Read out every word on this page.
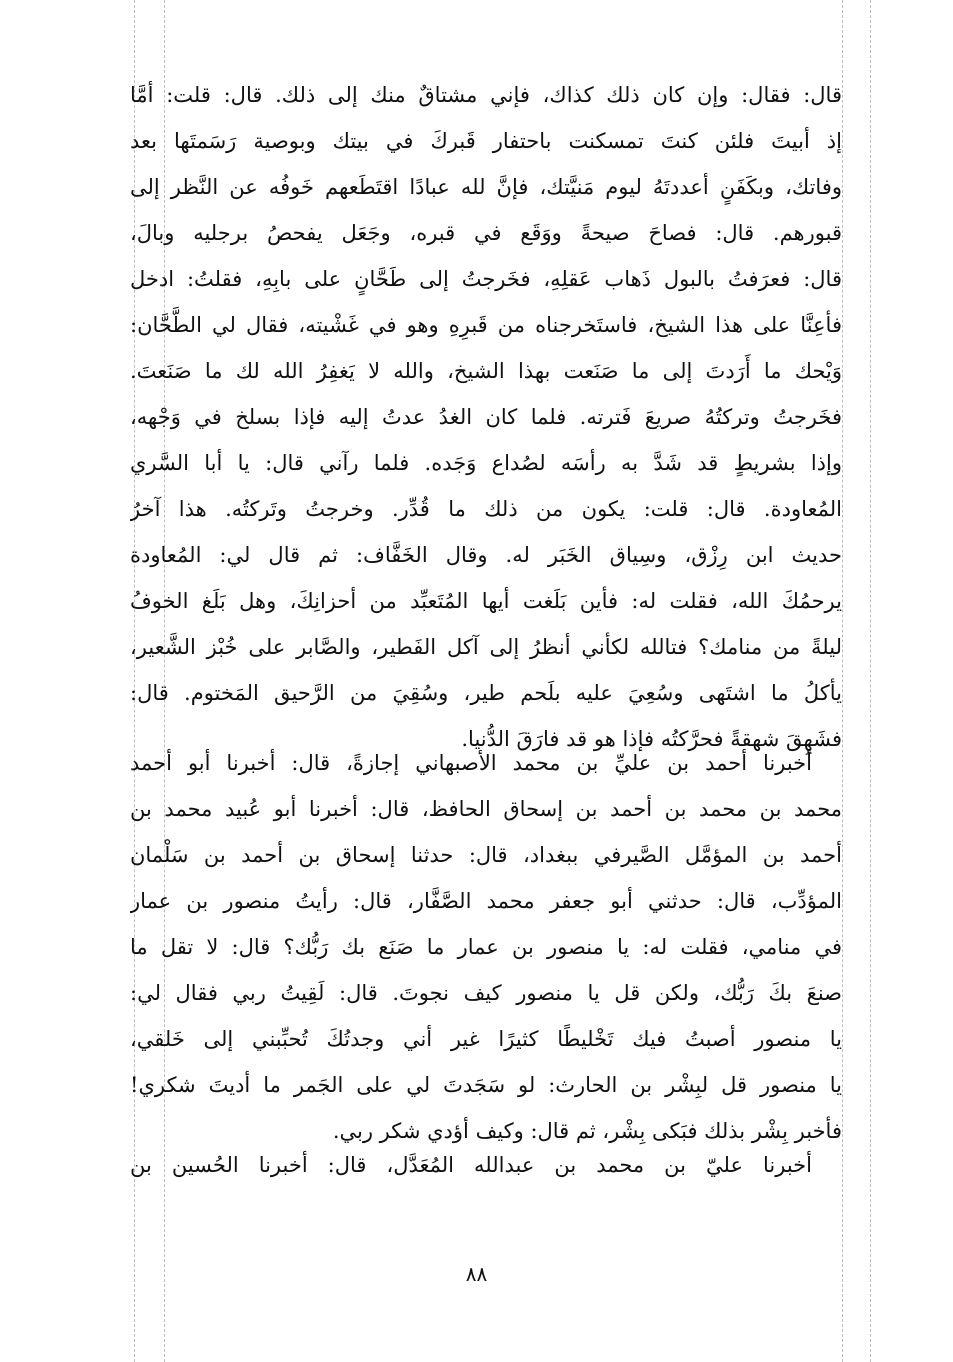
قال: فقال: وإن كان ذلك كذاك، فإني مشتاقٌ منك إلى ذلك. قال: قلت: أمَّا
إذ أبيتَ فلئن كنتَ تمسكنت باحتفار قَبركَ في بيتك وبوصية رَسَمتَها بعد
وفاتك، وبكَفَنٍ أعددتَهُ ليوم مَنيَّتك، فإنَّ لله عبادًا اقتَطَعهم خَوفُه عن النَّظر إلى
قبورهم. قال: فصاحَ صيحةً ووَقَع في قبره، وجَعَل يفحصُ برجليه وبالَ،
قال: فعرَفتُ بالبول ذَهاب عَقلِهِ، فخَرجتُ إلى طَحَّانٍ على بابِهِ، فقلتُ: ادخل
فأعِنَّا على هذا الشيخ، فاستَخرجناه من قَبرِهِ وهو في غَشْيته، فقال لي الطَّحَّان:
وَيْحك ما أَرَدتَ إلى ما صَنَعت بهذا الشيخ، والله لا يَغفِرُ الله لك ما صَنَعتَ.
فخَرجتُ وتركتُهُ صريعَ فَترته. فلما كان الغدُ عدتُ إليه فإذا بسلخ في وَجْهه،
وإذا بشريطٍ قد شَدَّ به رأسَه لصُداع وَجَده. فلما رآني قال: يا أبا السَّري
المُعاودة. قال: قلت: يكون من ذلك ما قُدِّر. وخرجتُ وتَركتُه. هذا آخرُ
حديث ابن رِزْق، وسِياق الخَبَر له. وقال الخَفَّاف: ثم قال لي: المُعاودة
يرحمُكَ الله، فقلت له: فأين بَلَغت أيها المُتَعبِّد من أحزانِكَ، وهل بَلَغ الخوفُ
ليلةً من منامك؟ فتالله لكأني أنظرُ إلى آكل الفَطير، والصَّابر على خُبْز الشَّعير،
يأكلُ ما اشتَهى وسُعِيَ عليه بلَحم طير، وسُقِيَ من الرَّحيق المَختوم. قال:
فشَهِقَ شهقةً فحرَّكتُه فإذا هو قد فارَقَ الدُّنيا.
أخبرنا أحمد بن عليِّ بن محمد الأصبهاني إجازةً، قال: أخبرنا أبو أحمد
محمد بن محمد بن أحمد بن إسحاق الحافظ، قال: أخبرنا أبو عُبيد محمد بن
أحمد بن المؤمَّل الصَّيرفي ببغداد، قال: حدثنا إسحاق بن أحمد بن سَلْمان
المؤدِّب، قال: حدثني أبو جعفر محمد الصَّفَّار، قال: رأيتُ منصور بن عمار
في منامي، فقلت له: يا منصور بن عمار ما صَنَع بك رَبُّك؟ قال: لا تقل ما
صنعَ بكَ رَبُّك، ولكن قل يا منصور كيف نجوتَ. قال: لَقِيتُ ربي فقال لي:
يا منصور أصبتُ فيك تَخْليطًا كثيرًا غير أني وجدتُكَ تُحبِّبني إلى خَلقي،
يا منصور قل لبِشْر بن الحارث: لو سَجَدتَ لي على الجَمر ما أديتَ شكري!
فأخبر بِشْر بذلك فبَكى بِشْر، ثم قال: وكيف أؤدي شكر ربي.
أخبرنا عليّ بن محمد بن عبدالله المُعَدَّل، قال: أخبرنا الحُسين بن
٨٨
